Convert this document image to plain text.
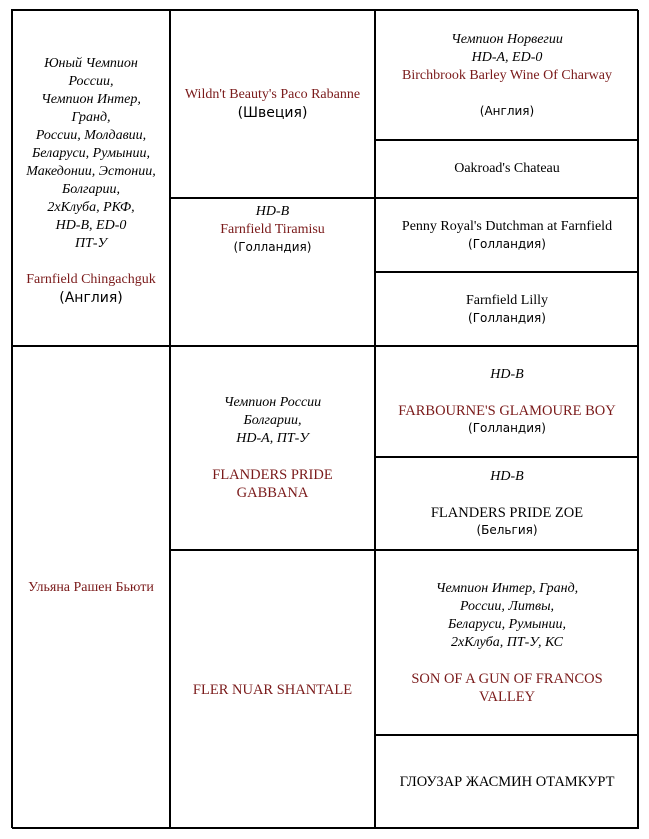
Юный Чемпион
России,
Чемпион Интер,
Гранд,
России, Молдавии,
Беларуси, Румынии,
Македонии, Эстонии,
Болгарии,
2хКлуба, РКФ,
HD-B, ED-0
ПТ-У
Farnfield Chingachguk
(Англия)
Wildn't Beauty's Paco Rabanne
(Швеция)
Чемпион Норвегии
HD-A, ED-0
Birchbrook Barley Wine Of Charway
(Англия)
Oakroad's Chateau
HD-B
Farnfield Tiramisu
(Голландия)
Penny Royal's Dutchman at Farnfield
(Голландия)
Farnfield Lilly
(Голландия)
Ульяна Рашен Бьюти
Чемпион России
Болгарии,
HD-A, ПТ-У
FLANDERS PRIDE
GABBANA
HD-B
FARBOURNE'S GLAMOURE BOY
(Голландия)
HD-B
FLANDERS PRIDE ZOE
(Бельгия)
FLER NUAR SHANTALE
Чемпион Интер, Гранд,
России, Литвы,
Беларуси, Румынии,
2хКлуба, ПТ-У, КС
SON OF A GUN OF FRANCOS
VALLEY
ГЛОУЗАР ЖАСМИН ОТАМКУРТ
